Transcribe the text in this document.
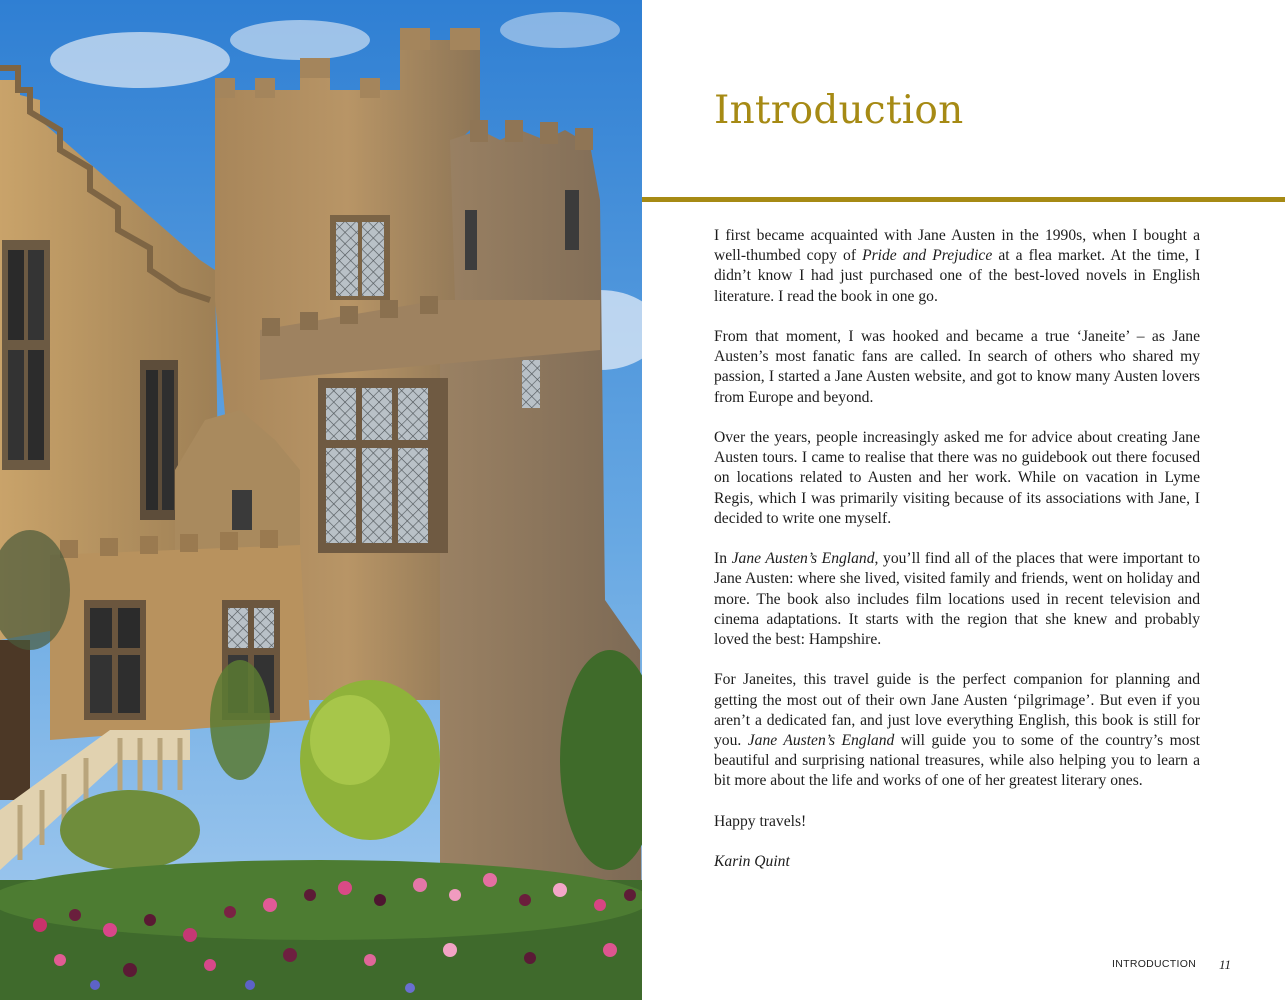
Introduction

I first became acquainted with Jane Austen in the 1990s, when I bought a well-thumbed copy of Pride and Prejudice at a flea market. At the time, I didn’t know I had just purchased one of the best-loved novels in English literature. I read the book in one go.

From that moment, I was hooked and became a true ‘Janeite’ – as Jane Austen’s most fanatic fans are called. In search of others who shared my passion, I started a Jane Austen website, and got to know many Austen lovers from Europe and beyond.

Over the years, people increasingly asked me for advice about creating Jane Austen tours. I came to realise that there was no guidebook out there focused on locations related to Austen and her work. While on vacation in Lyme Regis, which I was primarily visiting because of its associations with Jane, I decided to write one myself.

In Jane Austen’s England, you’ll find all of the places that were important to Jane Austen: where she lived, visited family and friends, went on holiday and more. The book also includes film locations used in recent television and cinema adaptations. It starts with the region that she knew and probably loved the best: Hampshire.

For Janeites, this travel guide is the perfect companion for planning and getting the most out of their own Jane Austen ‘pilgrimage’. But even if you aren’t a dedicated fan, and just love everything English, this book is still for you. Jane Austen’s England will guide you to some of the country’s most beautiful and surprising national treasures, while also helping you to learn a bit more about the life and works of one of her greatest literary ones.

Happy travels!

Karin Quint

INTRODUCTION 11
